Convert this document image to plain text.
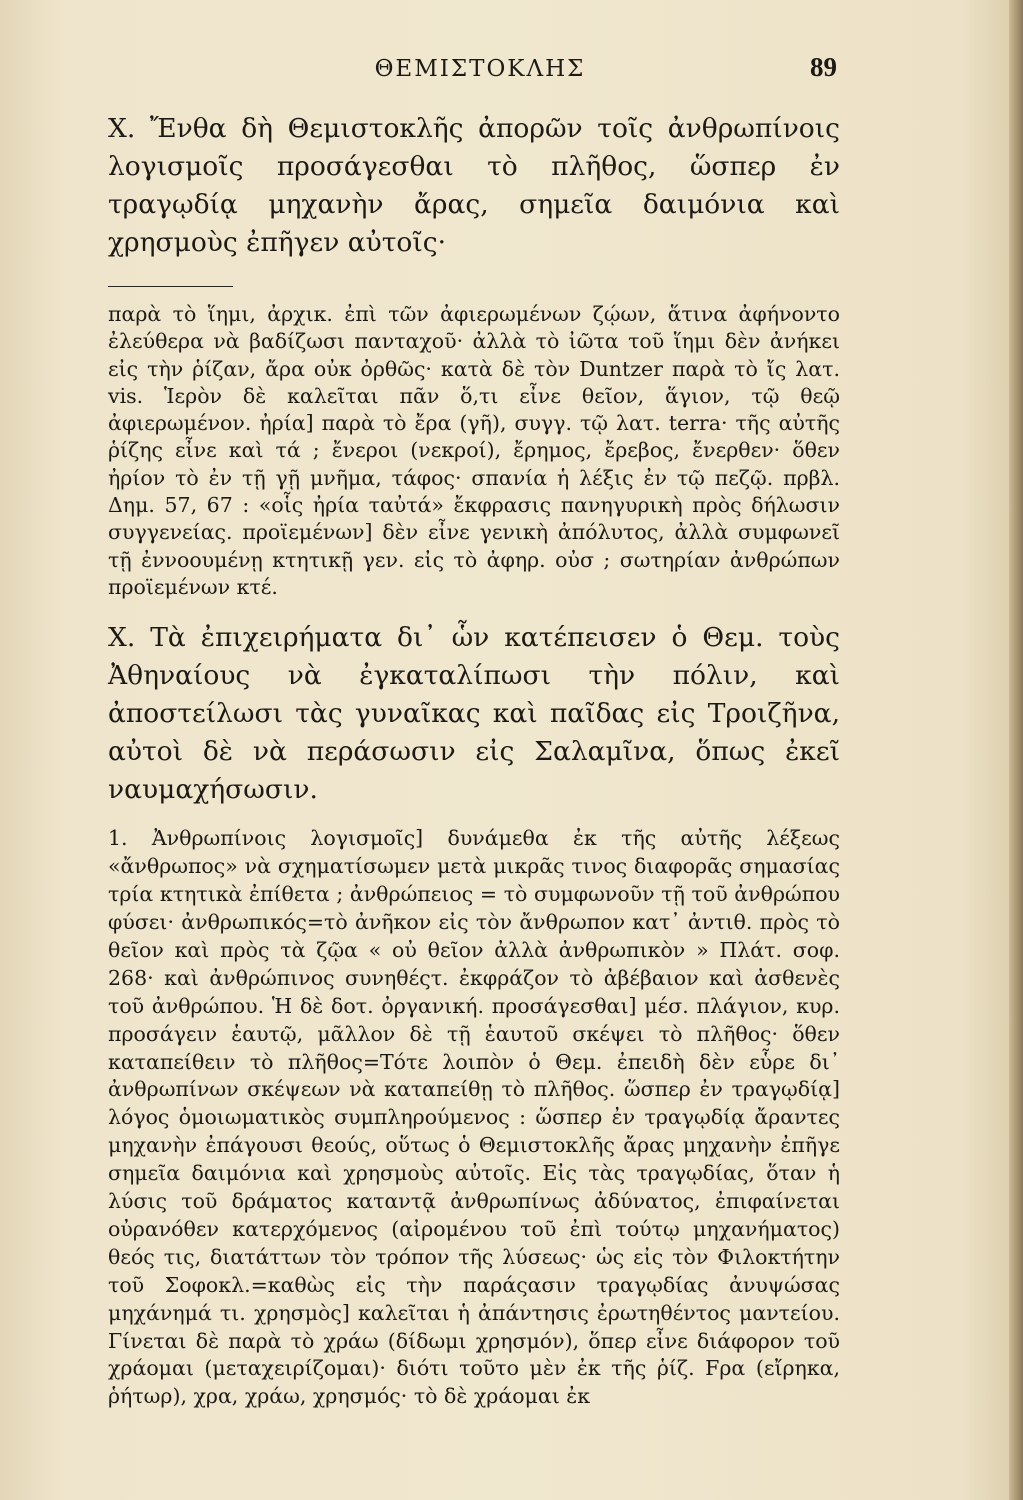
ΘΕΜΙΣΤΟΚΛΗΣ	89

Χ. Ἔνθα δὴ Θεμιστοκλῆς ἀπορῶν τοῖς ἀνθρωπίνοις λογισμοῖς προσάγεσθαι τὸ πλῆθος, ὥσπερ ἐν τραγῳδίᾳ μηχανὴν ἄρας, σημεῖα δαιμόνια καὶ χρησμοὺς ἐπῆγεν αὐτοῖς·

παρὰ τὸ ἵημι, ἀρχικ. ἐπὶ τῶν ἀφιερωμένων ζῴων, ἅτινα ἀφήνοντο ἐλεύθερα νὰ βαδίζωσι πανταχοῦ· ἀλλὰ τὸ ἰῶτα τοῦ ἵημι δὲν ἀνήκει εἰς τὴν ῥίζαν, ἄρα οὐκ ὀρθῶς· κατὰ δὲ τὸν Duntzer παρὰ τὸ ἴς λατ. vis. Ἱερὸν δὲ καλεῖται πᾶν ὅ,τι εἶνε θεῖον, ἅγιον, τῷ θεῷ ἀφιερωμένον. ἠρία] παρὰ τὸ ἔρα (γῆ), συγγ. τῷ λατ. terra· τῆς αὐτῆς ῥίζης εἶνε καὶ τά ; ἔνεροι (νεκροί), ἔρημος, ἔρεβος, ἔνερθεν· ὅθεν ἠρίον τὸ ἐν τῇ γῇ μνῆμα, τάφος· σπανία ἡ λέξις ἐν τῷ πεζῷ. πρβλ. Δημ. 57, 67 : «οἷς ἠρία ταὐτά» ἔκφρασις πανηγυρικὴ πρὸς δήλωσιν συγγενείας. προϊεμένων] δὲν εἶνε γενικὴ ἀπόλυτος, ἀλλὰ συμφωνεῖ τῇ ἐννοουμένῃ κτητικῇ γεν. εἰς τὸ ἀφηρ. οὐσ ; σωτηρίαν ἀνθρώπων προϊεμένων κτέ.

Χ. Τὰ ἐπιχειρήματα δι᾽ ὧν κατέπεισεν ὁ Θεμ. τοὺς Ἀθηναίους νὰ ἐγκαταλίπωσι τὴν πόλιν, καὶ ἀποστείλωσι τὰς γυναῖκας καὶ παῖδας εἰς Τροιζῆνα, αὐτοὶ δὲ νὰ περάσωσιν εἰς Σαλαμῖνα, ὅπως ἐκεῖ ναυμαχήσωσιν.

1. Ἀνθρωπίνοις λογισμοῖς] δυνάμεθα ἐκ τῆς αὐτῆς λέξεως «ἄνθρωπος» νὰ σχηματίσωμεν μετὰ μικρᾶς τινος διαφορᾶς σημασίας τρία κτητικὰ ἐπίθετα ; ἀνθρώπειος = τὸ συμφωνοῦν τῇ τοῦ ἀνθρώπου φύσει· ἀνθρωπικός=τὸ ἀνῆκον εἰς τὸν ἄνθρωπον κατ᾽ ἀντιθ. πρὸς τὸ θεῖον καὶ πρὸς τὰ ζῷα « οὐ θεῖον ἀλλὰ ἀνθρωπικὸν » Πλάτ. σοφ. 268· καὶ ἀνθρώπινος συνηθέςτ. ἐκφράζον τὸ ἀβέβαιον καὶ ἀσθενὲς τοῦ ἀνθρώπου. Ἡ δὲ δοτ. ὀργανική. προσάγεσθαι] μέσ. πλάγιον, κυρ. προσάγειν ἑαυτῷ, μᾶλλον δὲ τῇ ἑαυτοῦ σκέψει τὸ πλῆθος· ὅθεν καταπείθειν τὸ πλῆθος=Τότε λοιπὸν ὁ Θεμ. ἐπειδὴ δὲν εὗρε δι᾽ ἀνθρωπίνων σκέψεων νὰ καταπείθῃ τὸ πλῆθος. ὥσπερ ἐν τραγῳδίᾳ] λόγος ὁμοιωματικὸς συμπληρούμενος : ὥσπερ ἐν τραγῳδίᾳ ἄραντες μηχανὴν ἐπάγουσι θεούς, οὕτως ὁ Θεμιστοκλῆς ἄρας μηχανὴν ἐπῆγε σημεῖα δαιμόνια καὶ χρησμοὺς αὐτοῖς. Εἰς τὰς τραγῳδίας, ὅταν ἡ λύσις τοῦ δράματος καταντᾷ ἀνθρωπίνως ἀδύνατος, ἐπιφαίνεται οὐρανόθεν κατερχόμενος (αἰρομένου τοῦ ἐπὶ τούτῳ μηχανήματος) θεός τις, διατάττων τὸν τρόπον τῆς λύσεως· ὡς εἰς τὸν Φιλοκτήτην τοῦ Σοφοκλ.=καθὼς εἰς τὴν παράςασιν τραγῳδίας ἀνυψώσας μηχάνημά τι. χρησμὸς] καλεῖται ἡ ἀπάντησις ἐρωτηθέντος μαντείου. Γίνεται δὲ παρὰ τὸ χράω (δίδωμι χρησμόν), ὅπερ εἶνε διάφορον τοῦ χράομαι (μεταχειρίζομαι)· διότι τοῦτο μὲν ἐκ τῆς ῥίζ. Fρα (εἴρηκα, ῥήτωρ), χρα, χράω, χρησμός· τὸ δὲ χράομαι ἐκ
